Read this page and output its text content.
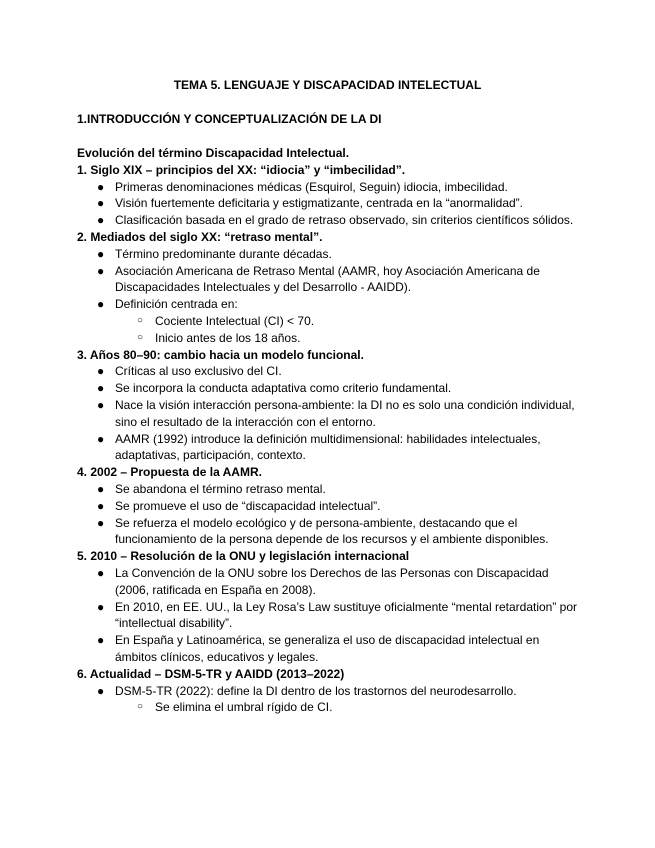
TEMA 5. LENGUAJE Y DISCAPACIDAD INTELECTUAL
1.INTRODUCCIÓN Y CONCEPTUALIZACIÓN DE LA DI
Evolución del término Discapacidad Intelectual.
1. Siglo XIX – principios del XX: “idiocia” y “imbecilidad”.
● Primeras denominaciones médicas (Esquirol, Seguin) idiocia, imbecilidad.
● Visión fuertemente deficitaria y estigmatizante, centrada en la “anormalidad”.
● Clasificación basada en el grado de retraso observado, sin criterios científicos sólidos.
2. Mediados del siglo XX: “retraso mental”.
● Término predominante durante décadas.
● Asociación Americana de Retraso Mental (AAMR, hoy Asociación Americana de Discapacidades Intelectuales y del Desarrollo - AAIDD).
● Definición centrada en:
○ Cociente Intelectual (CI) < 70.
○ Inicio antes de los 18 años.
3. Años 80–90: cambio hacia un modelo funcional.
● Críticas al uso exclusivo del CI.
● Se incorpora la conducta adaptativa como criterio fundamental.
● Nace la visión interacción persona-ambiente: la DI no es solo una condición individual, sino el resultado de la interacción con el entorno.
● AAMR (1992) introduce la definición multidimensional: habilidades intelectuales, adaptativas, participación, contexto.
4. 2002 – Propuesta de la AAMR.
● Se abandona el término retraso mental.
● Se promueve el uso de “discapacidad intelectual”.
● Se refuerza el modelo ecológico y de persona-ambiente, destacando que el funcionamiento de la persona depende de los recursos y el ambiente disponibles.
5. 2010 – Resolución de la ONU y legislación internacional
● La Convención de la ONU sobre los Derechos de las Personas con Discapacidad (2006, ratificada en España en 2008).
● En 2010, en EE. UU., la Ley Rosa’s Law sustituye oficialmente “mental retardation” por “intellectual disability”.
● En España y Latinoamérica, se generaliza el uso de discapacidad intelectual en ámbitos clínicos, educativos y legales.
6. Actualidad – DSM-5-TR y AAIDD (2013–2022)
● DSM-5-TR (2022): define la DI dentro de los trastornos del neurodesarrollo.
○ Se elimina el umbral rígido de CI.
